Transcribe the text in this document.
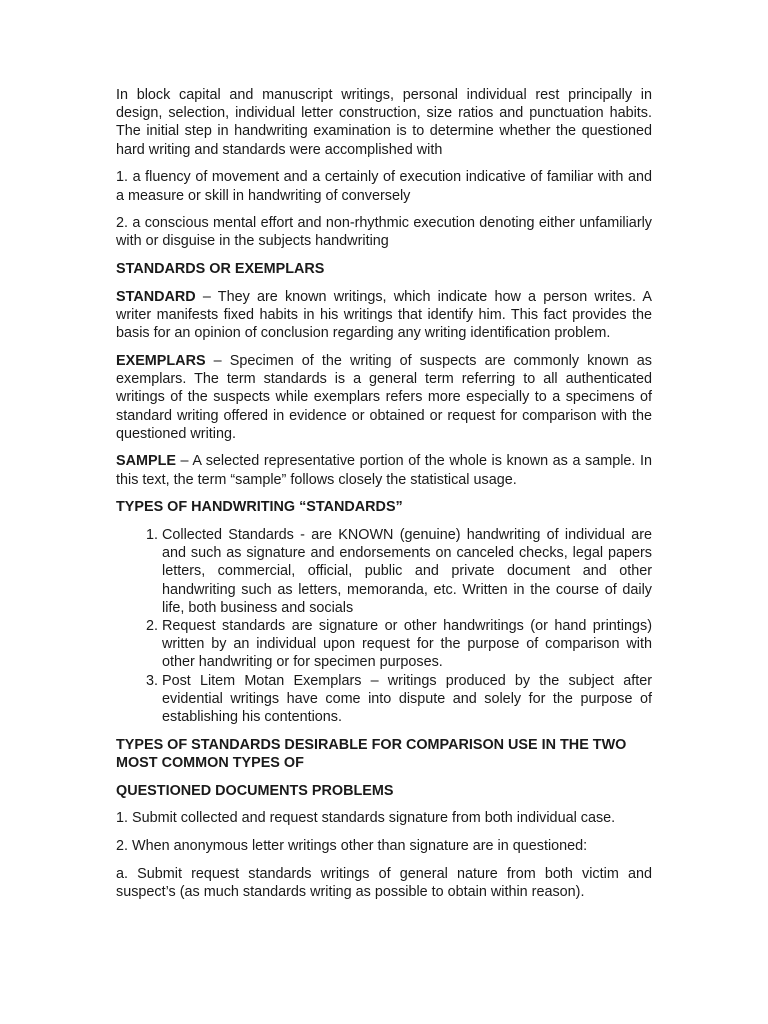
In block capital and manuscript writings, personal individual rest principally in design, selection, individual letter construction, size ratios and punctuation habits. The initial step in handwriting examination is to determine whether the questioned hard writing and standards were accomplished with

1. a fluency of movement and a certainly of execution indicative of familiar with and a measure or skill in handwriting of conversely

2. a conscious mental effort and non-rhythmic execution denoting either unfamiliarly with or disguise in the subjects handwriting

STANDARDS OR EXEMPLARS

STANDARD – They are known writings, which indicate how a person writes. A writer manifests fixed habits in his writings that identify him. This fact provides the basis for an opinion of conclusion regarding any writing identification problem.

EXEMPLARS – Specimen of the writing of suspects are commonly known as exemplars. The term standards is a general term referring to all authenticated writings of the suspects while exemplars refers more especially to a specimens of standard writing offered in evidence or obtained or request for comparison with the questioned writing.

SAMPLE – A selected representative portion of the whole is known as a sample. In this text, the term “sample” follows closely the statistical usage.

TYPES OF HANDWRITING “STANDARDS”

1. Collected Standards - are KNOWN (genuine) handwriting of individual are and such as signature and endorsements on canceled checks, legal papers letters, commercial, official, public and private document and other handwriting such as letters, memoranda, etc. Written in the course of daily life, both business and socials
2. Request standards are signature or other handwritings (or hand printings) written by an individual upon request for the purpose of comparison with other handwriting or for specimen purposes.
3. Post Litem Motan Exemplars – writings produced by the subject after evidential writings have come into dispute and solely for the purpose of establishing his contentions.

TYPES OF STANDARDS DESIRABLE FOR COMPARISON USE IN THE TWO MOST COMMON TYPES OF

QUESTIONED DOCUMENTS PROBLEMS

1. Submit collected and request standards signature from both individual case.

2. When anonymous letter writings other than signature are in questioned:

a. Submit request standards writings of general nature from both victim and suspect’s (as much standards writing as possible to obtain within reason).
